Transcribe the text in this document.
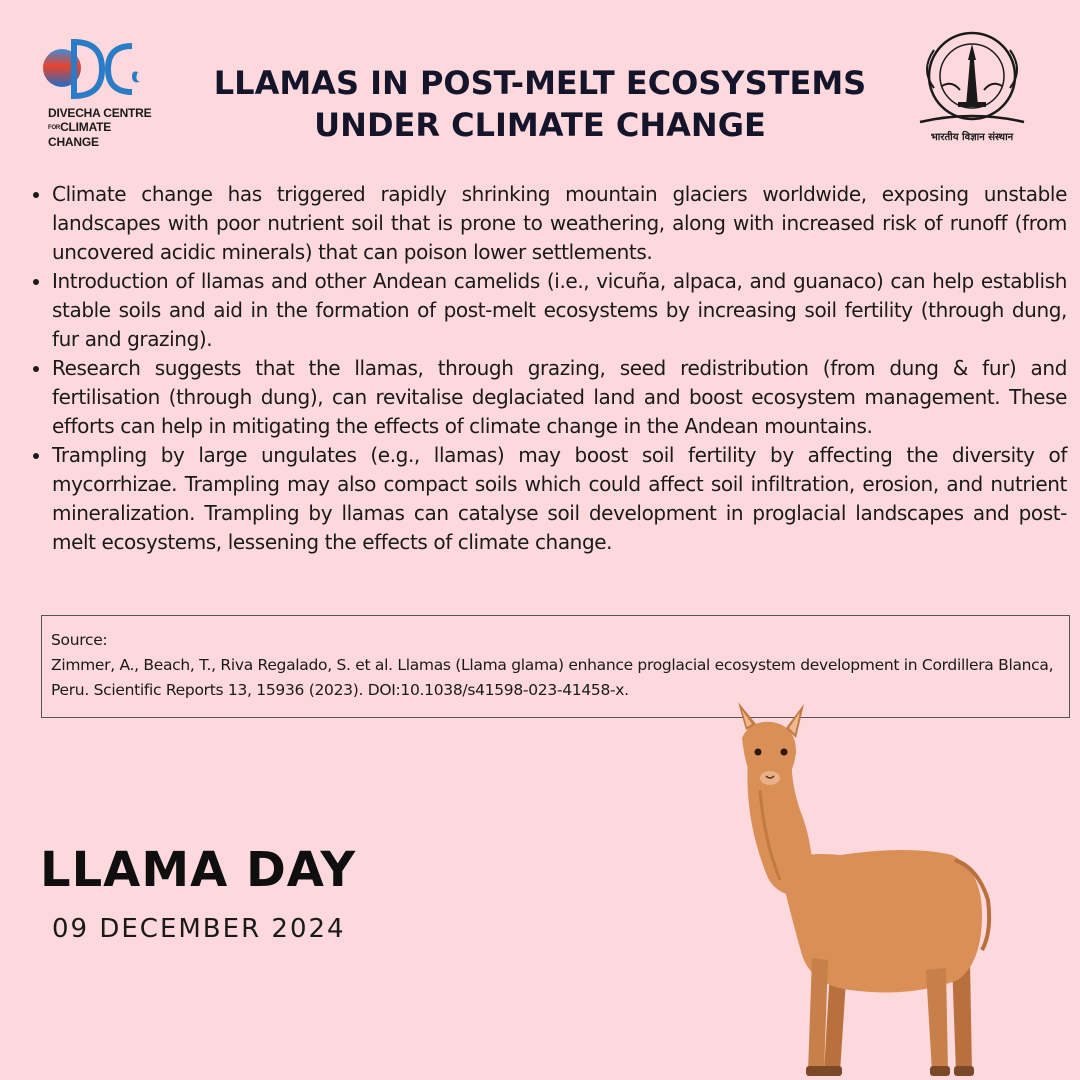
DIVECHA CENTRE
FORCLIMATE CHANGE	भारतीय विज्ञान संस्थान
LLAMAS IN POST-MELT ECOSYSTEMS
UNDER CLIMATE CHANGE
• Climate change has triggered rapidly shrinking mountain glaciers worldwide, exposing unstable landscapes with poor nutrient soil that is prone to weathering, along with increased risk of runoff (from uncovered acidic minerals) that can poison lower settlements.
• Introduction of llamas and other Andean camelids (i.e., vicuña, alpaca, and guanaco) can help establish stable soils and aid in the formation of post-melt ecosystems by increasing soil fertility (through dung, fur and grazing).
• Research suggests that the llamas, through grazing, seed redistribution (from dung & fur) and fertilisation (through dung), can revitalise deglaciated land and boost ecosystem management. These efforts can help in mitigating the effects of climate change in the Andean mountains.
• Trampling by large ungulates (e.g., llamas) may boost soil fertility by affecting the diversity of mycorrhizae. Trampling may also compact soils which could affect soil infiltration, erosion, and nutrient mineralization. Trampling by llamas can catalyse soil development in proglacial landscapes and post-melt ecosystems, lessening the effects of climate change.
Source:
Zimmer, A., Beach, T., Riva Regalado, S. et al. Llamas (Llama glama) enhance proglacial ecosystem development in Cordillera Blanca, Peru. Scientific Reports 13, 15936 (2023). DOI:10.1038/s41598-023-41458-x.
LLAMA DAY
09 DECEMBER 2024
